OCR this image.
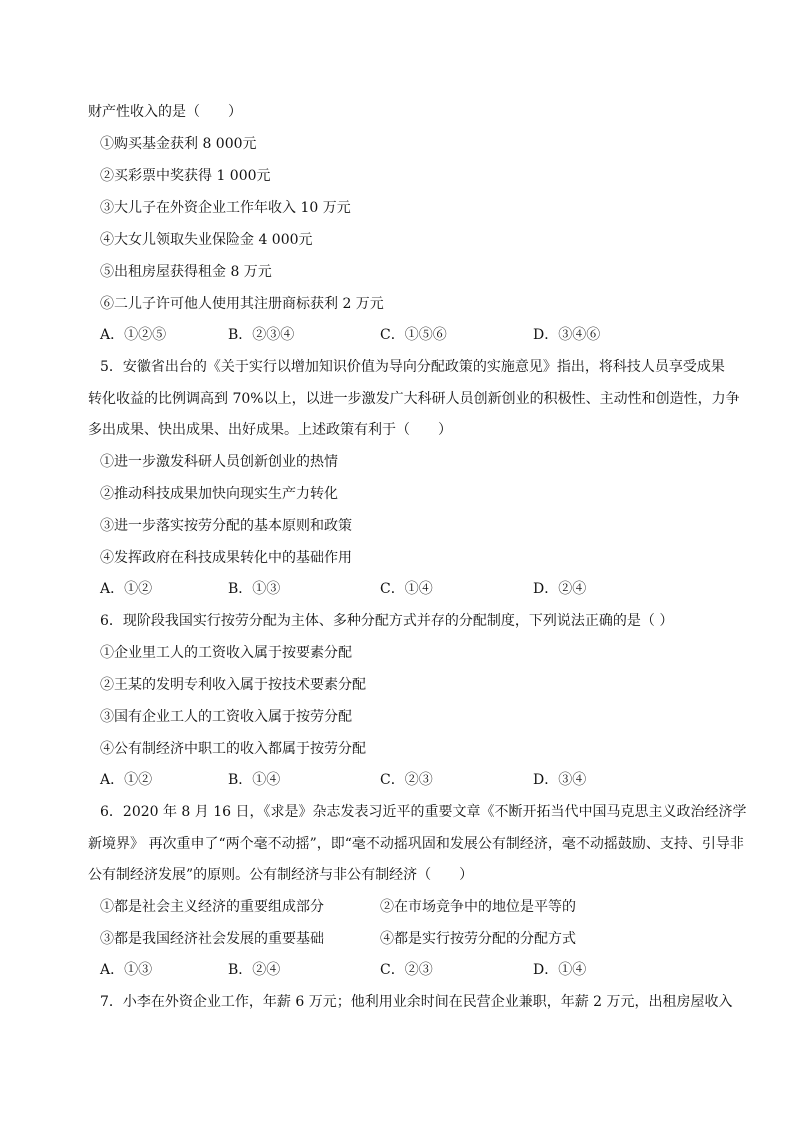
财产性收入的是（　　）
①购买基金获利 8 000元
②买彩票中奖获得 1 000元
③大儿子在外资企业工作年收入 10 万元
④大女儿领取失业保险金 4 000元
⑤出租房屋获得租金 8 万元
⑥二儿子许可他人使用其注册商标获利 2 万元
A．①②⑤	B．②③④	C．①⑤⑥	D．③④⑥
5．安徽省出台的《关于实行以增加知识价值为导向分配政策的实施意见》指出，将科技人员享受成果
转化收益的比例调高到 70%以上，以进一步激发广大科研人员创新创业的积极性、主动性和创造性，力争
多出成果、快出成果、出好成果。上述政策有利于（　　）
①进一步激发科研人员创新创业的热情
②推动科技成果加快向现实生产力转化
③进一步落实按劳分配的基本原则和政策
④发挥政府在科技成果转化中的基础作用
A．①②	B．①③	C．①④	D．②④
6．现阶段我国实行按劳分配为主体、多种分配方式并存的分配制度，下列说法正确的是（ ）
①企业里工人的工资收入属于按要素分配
②王某的发明专利收入属于按技术要素分配
③国有企业工人的工资收入属于按劳分配
④公有制经济中职工的收入都属于按劳分配
A．①②	B．①④	C．②③	D．③④
6．2020 年 8 月 16 日，《求是》杂志发表习近平的重要文章《不断开拓当代中国马克思主义政治经济学
新境界》 再次重申了“两个毫不动摇”，即“毫不动摇巩固和发展公有制经济，毫不动摇鼓励、支持、引导非
公有制经济发展”的原则。公有制经济与非公有制经济（　　）
①都是社会主义经济的重要组成部分	②在市场竞争中的地位是平等的
③都是我国经济社会发展的重要基础	④都是实行按劳分配的分配方式
A．①③	B．②④	C．②③	D．①④
7．小李在外资企业工作，年薪 6 万元；他利用业余时间在民营企业兼职，年薪 2 万元，出租房屋收入
